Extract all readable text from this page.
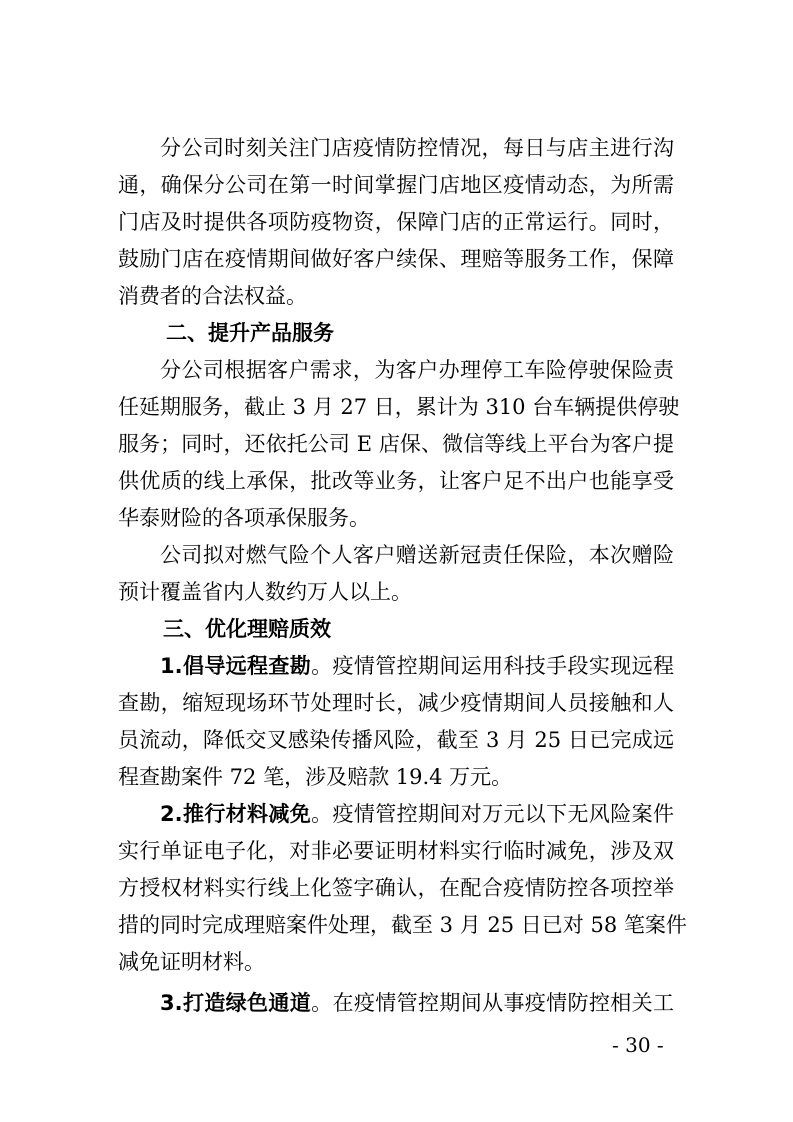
分公司时刻关注门店疫情防控情况，每日与店主进行沟
通，确保分公司在第一时间掌握门店地区疫情动态，为所需
门店及时提供各项防疫物资，保障门店的正常运行。同时，
鼓励门店在疫情期间做好客户续保、理赔等服务工作，保障
消费者的合法权益。
二、提升产品服务
分公司根据客户需求，为客户办理停工车险停驶保险责
任延期服务，截止 3 月 27 日，累计为 310 台车辆提供停驶
服务；同时，还依托公司 E 店保、微信等线上平台为客户提
供优质的线上承保，批改等业务，让客户足不出户也能享受
华泰财险的各项承保服务。
公司拟对燃气险个人客户赠送新冠责任保险，本次赠险
预计覆盖省内人数约万人以上。
三、优化理赔质效
1.倡导远程查勘。疫情管控期间运用科技手段实现远程
查勘，缩短现场环节处理时长，减少疫情期间人员接触和人
员流动，降低交叉感染传播风险，截至 3 月 25 日已完成远
程查勘案件 72 笔，涉及赔款 19.4 万元。
2.推行材料减免。疫情管控期间对万元以下无风险案件
实行单证电子化，对非必要证明材料实行临时减免，涉及双
方授权材料实行线上化签字确认，在配合疫情防控各项控举
措的同时完成理赔案件处理，截至 3 月 25 日已对 58 笔案件
减免证明材料。
3.打造绿色通道。在疫情管控期间从事疫情防控相关工
- 30 -
